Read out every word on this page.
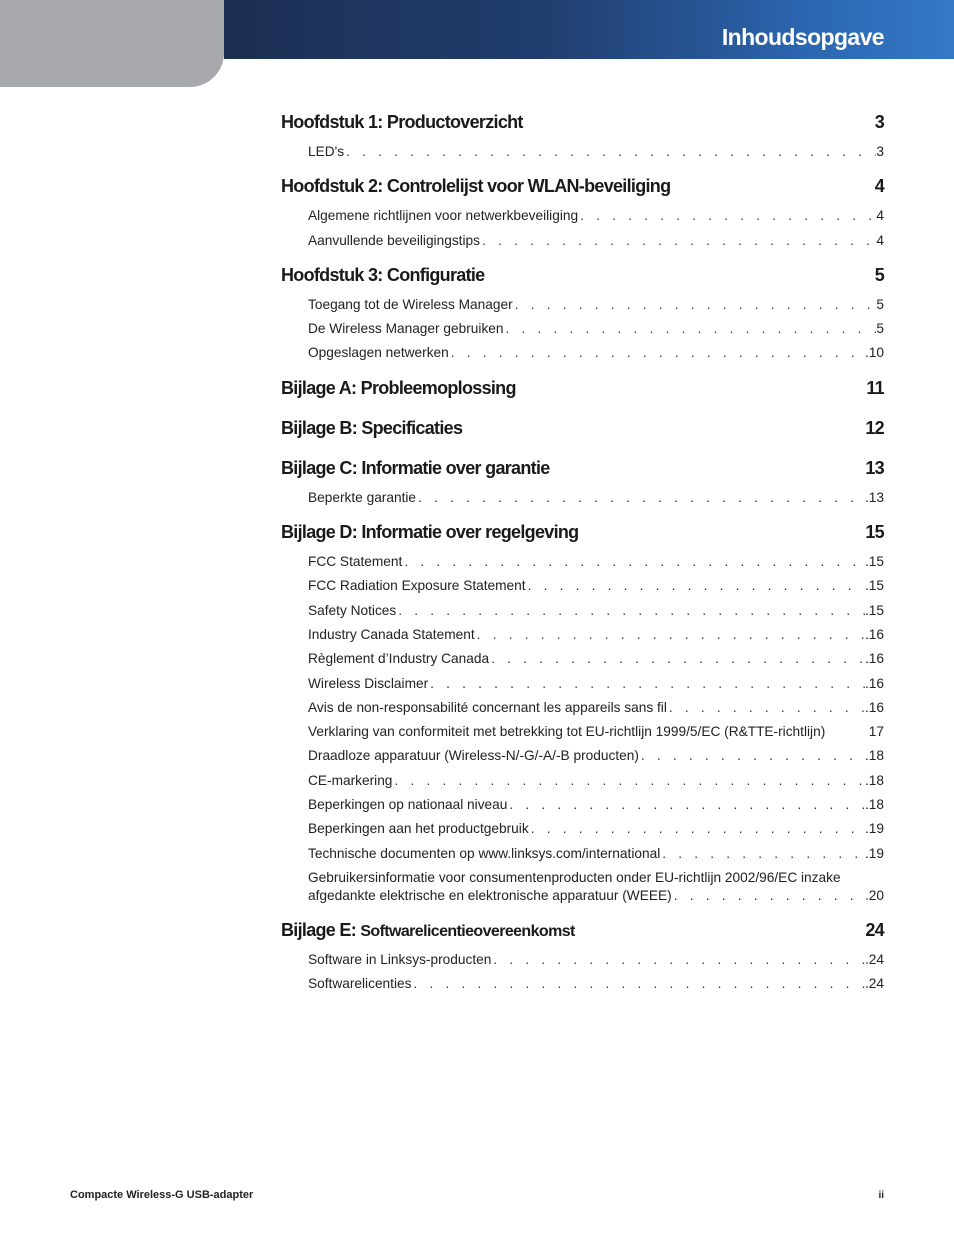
Inhoudsopgave
Hoofdstuk 1: Productoverzicht	3
LED's . . .	3
Hoofdstuk 2: Controlelijst voor WLAN-beveiliging	4
Algemene richtlijnen voor netwerkbeveiliging . . .	4
Aanvullende beveiligingstips . . .	4
Hoofdstuk 3: Configuratie	5
Toegang tot de Wireless Manager . . .	5
De Wireless Manager gebruiken . . .	5
Opgeslagen netwerken . . .	.10
Bijlage A: Probleemoplossing	11
Bijlage B: Specificaties	12
Bijlage C: Informatie over garantie	13
Beperkte garantie . . .	.13
Bijlage D: Informatie over regelgeving	15
FCC Statement . . .	.15
FCC Radiation Exposure Statement . . .	.15
Safety Notices . . .	.15
Industry Canada Statement . . .	.16
Règlement d’Industry Canada . . .	.16
Wireless Disclaimer . . .	.16
Avis de non-responsabilité concernant les appareils sans fil . . .	.16
Verklaring van conformiteit met betrekking tot EU-richtlijn 1999/5/EC (R&TTE-richtlijn)	17
Draadloze apparatuur (Wireless-N/-G/-A/-B producten) . . .	.18
CE-markering . . .	.18
Beperkingen op nationaal niveau . . .	.18
Beperkingen aan het productgebruik . . .	.19
Technische documenten op www.linksys.com/international . . .	.19
Gebruikersinformatie voor consumentenproducten onder EU-richtlijn 2002/96/EC inzake
afgedankte elektrische en elektronische apparatuur (WEEE) . . .	.20
Bijlage E: Softwarelicentieovereenkomst	24
Software in Linksys-producten . . .	.24
Softwarelicenties . . .	.24
Compacte Wireless-G USB-adapter	ii
